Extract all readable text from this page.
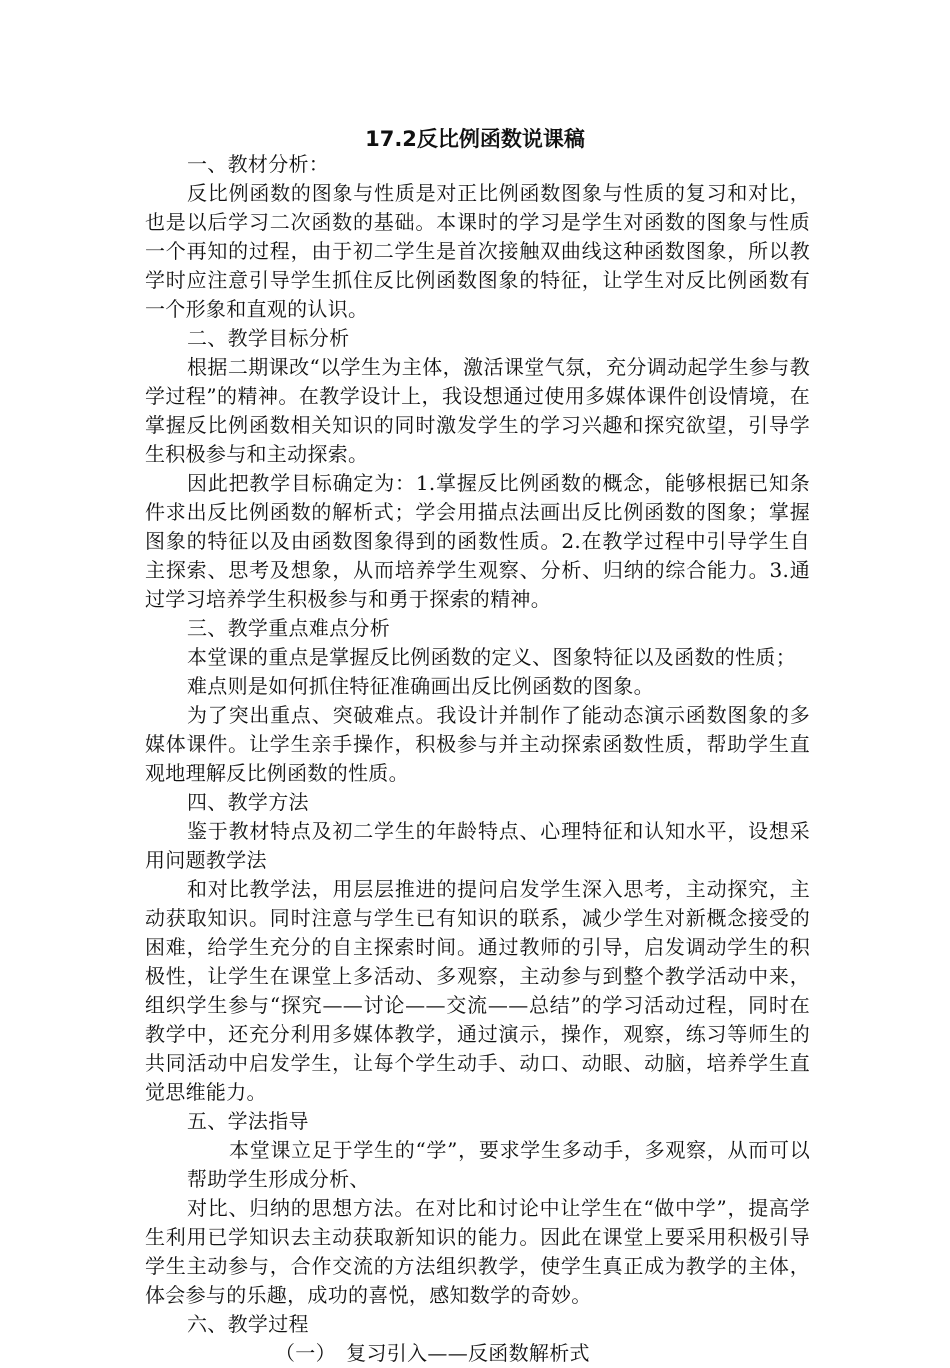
17.2反比例函数说课稿

一、教材分析：

反比例函数的图象与性质是对正比例函数图象与性质的复习和对比，也是以后学习二次函数的基础。本课时的学习是学生对函数的图象与性质一个再知的过程，由于初二学生是首次接触双曲线这种函数图象，所以教学时应注意引导学生抓住反比例函数图象的特征，让学生对反比例函数有一个形象和直观的认识。

二、教学目标分析

根据二期课改“以学生为主体，激活课堂气氛，充分调动起学生参与教学过程”的精神。在教学设计上，我设想通过使用多媒体课件创设情境，在掌握反比例函数相关知识的同时激发学生的学习兴趣和探究欲望，引导学生积极参与和主动探索。

因此把教学目标确定为：1.掌握反比例函数的概念，能够根据已知条件求出反比例函数的解析式；学会用描点法画出反比例函数的图象；掌握图象的特征以及由函数图象得到的函数性质。2.在教学过程中引导学生自主探索、思考及想象，从而培养学生观察、分析、归纳的综合能力。3.通过学习培养学生积极参与和勇于探索的精神。

三、教学重点难点分析

本堂课的重点是掌握反比例函数的定义、图象特征以及函数的性质；

难点则是如何抓住特征准确画出反比例函数的图象。

为了突出重点、突破难点。我设计并制作了能动态演示函数图象的多媒体课件。让学生亲手操作，积极参与并主动探索函数性质，帮助学生直观地理解反比例函数的性质。

四、教学方法

鉴于教材特点及初二学生的年龄特点、心理特征和认知水平，设想采用问题教学法

和对比教学法，用层层推进的提问启发学生深入思考，主动探究，主动获取知识。同时注意与学生已有知识的联系，减少学生对新概念接受的困难，给学生充分的自主探索时间。通过教师的引导，启发调动学生的积极性，让学生在课堂上多活动、多观察，主动参与到整个教学活动中来，组织学生参与“探究——讨论——交流——总结”的学习活动过程，同时在教学中，还充分利用多媒体教学，通过演示，操作，观察，练习等师生的共同活动中启发学生，让每个学生动手、动口、动眼、动脑，培养学生直觉思维能力。

五、学法指导

本堂课立足于学生的“学”，要求学生多动手，多观察，从而可以帮助学生形成分析、

对比、归纳的思想方法。在对比和讨论中让学生在“做中学”，提高学生利用已学知识去主动获取新知识的能力。因此在课堂上要采用积极引导学生主动参与，合作交流的方法组织教学，使学生真正成为教学的主体，体会参与的乐趣，成功的喜悦，感知数学的奇妙。

六、教学过程

（一）　复习引入——反函数解析式
